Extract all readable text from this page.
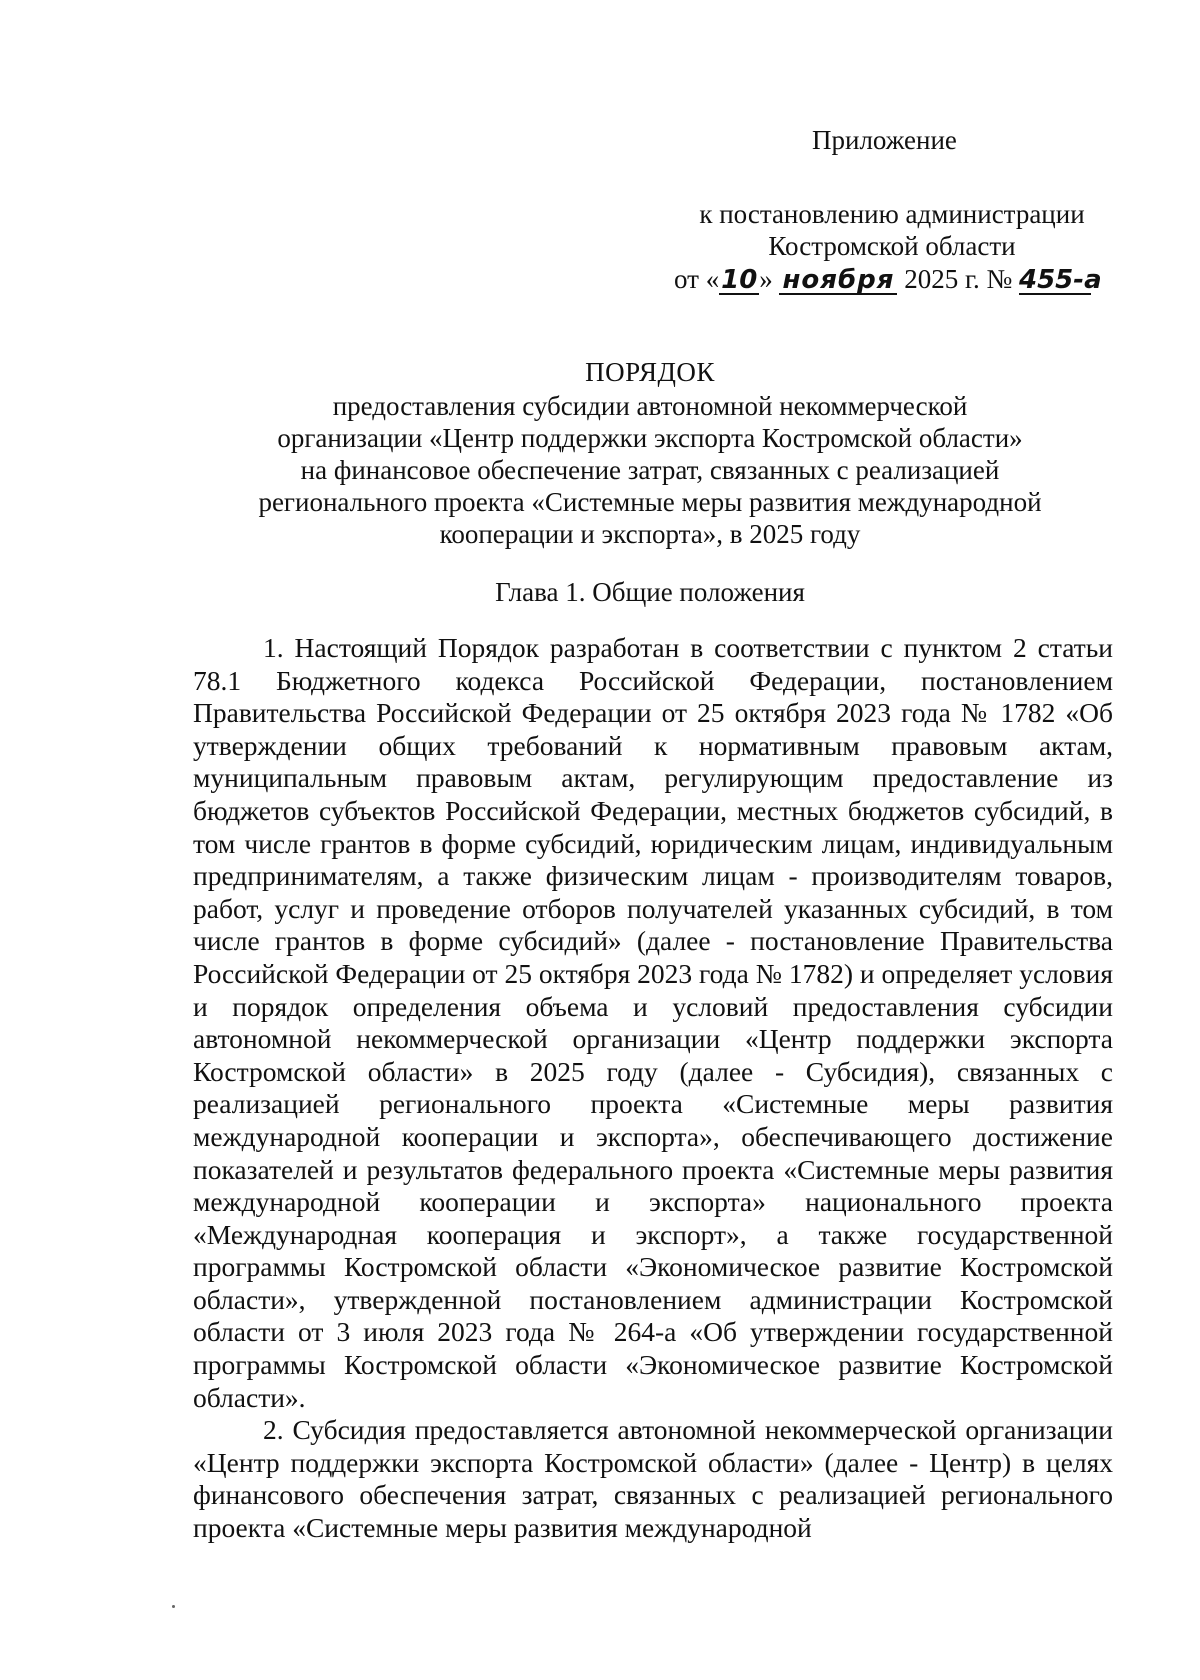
Приложение
к постановлению администрации
Костромской области
от «10» ноября 2025 г. № 455-а
ПОРЯДОК
предоставления субсидии автономной некоммерческой
организации «Центр поддержки экспорта Костромской области»
на финансовое обеспечение затрат, связанных с реализацией
регионального проекта «Системные меры развития международной
кооперации и экспорта», в 2025 году
Глава 1. Общие положения

1. Настоящий Порядок разработан в соответствии с пунктом 2 статьи 78.1 Бюджетного кодекса Российской Федерации, постановлением Правительства Российской Федерации от 25 октября 2023 года № 1782 «Об утверждении общих требований к нормативным правовым актам, муниципальным правовым актам, регулирующим предоставление из бюджетов субъектов Российской Федерации, местных бюджетов субсидий, в том числе грантов в форме субсидий, юридическим лицам, индивидуальным предпринимателям, а также физическим лицам - производителям товаров, работ, услуг и проведение отборов получателей указанных субсидий, в том числе грантов в форме субсидий» (далее - постановление Правительства Российской Федерации от 25 октября 2023 года № 1782) и определяет условия и порядок определения объема и условий предоставления субсидии автономной некоммерческой организации «Центр поддержки экспорта Костромской области» в 2025 году (далее - Субсидия), связанных с реализацией регионального проекта «Системные меры развития международной кооперации и экспорта», обеспечивающего достижение показателей и результатов федерального проекта «Системные меры развития международной кооперации и экспорта» национального проекта «Международная кооперация и экспорт», а также государственной программы Костромской области «Экономическое развитие Костромской области», утвержденной постановлением администрации Костромской области от 3 июля 2023 года № 264-а «Об утверждении государственной программы Костромской области «Экономическое развитие Костромской области».

2. Субсидия предоставляется автономной некоммерческой организации «Центр поддержки экспорта Костромской области» (далее - Центр) в целях финансового обеспечения затрат, связанных с реализацией регионального проекта «Системные меры развития международной
